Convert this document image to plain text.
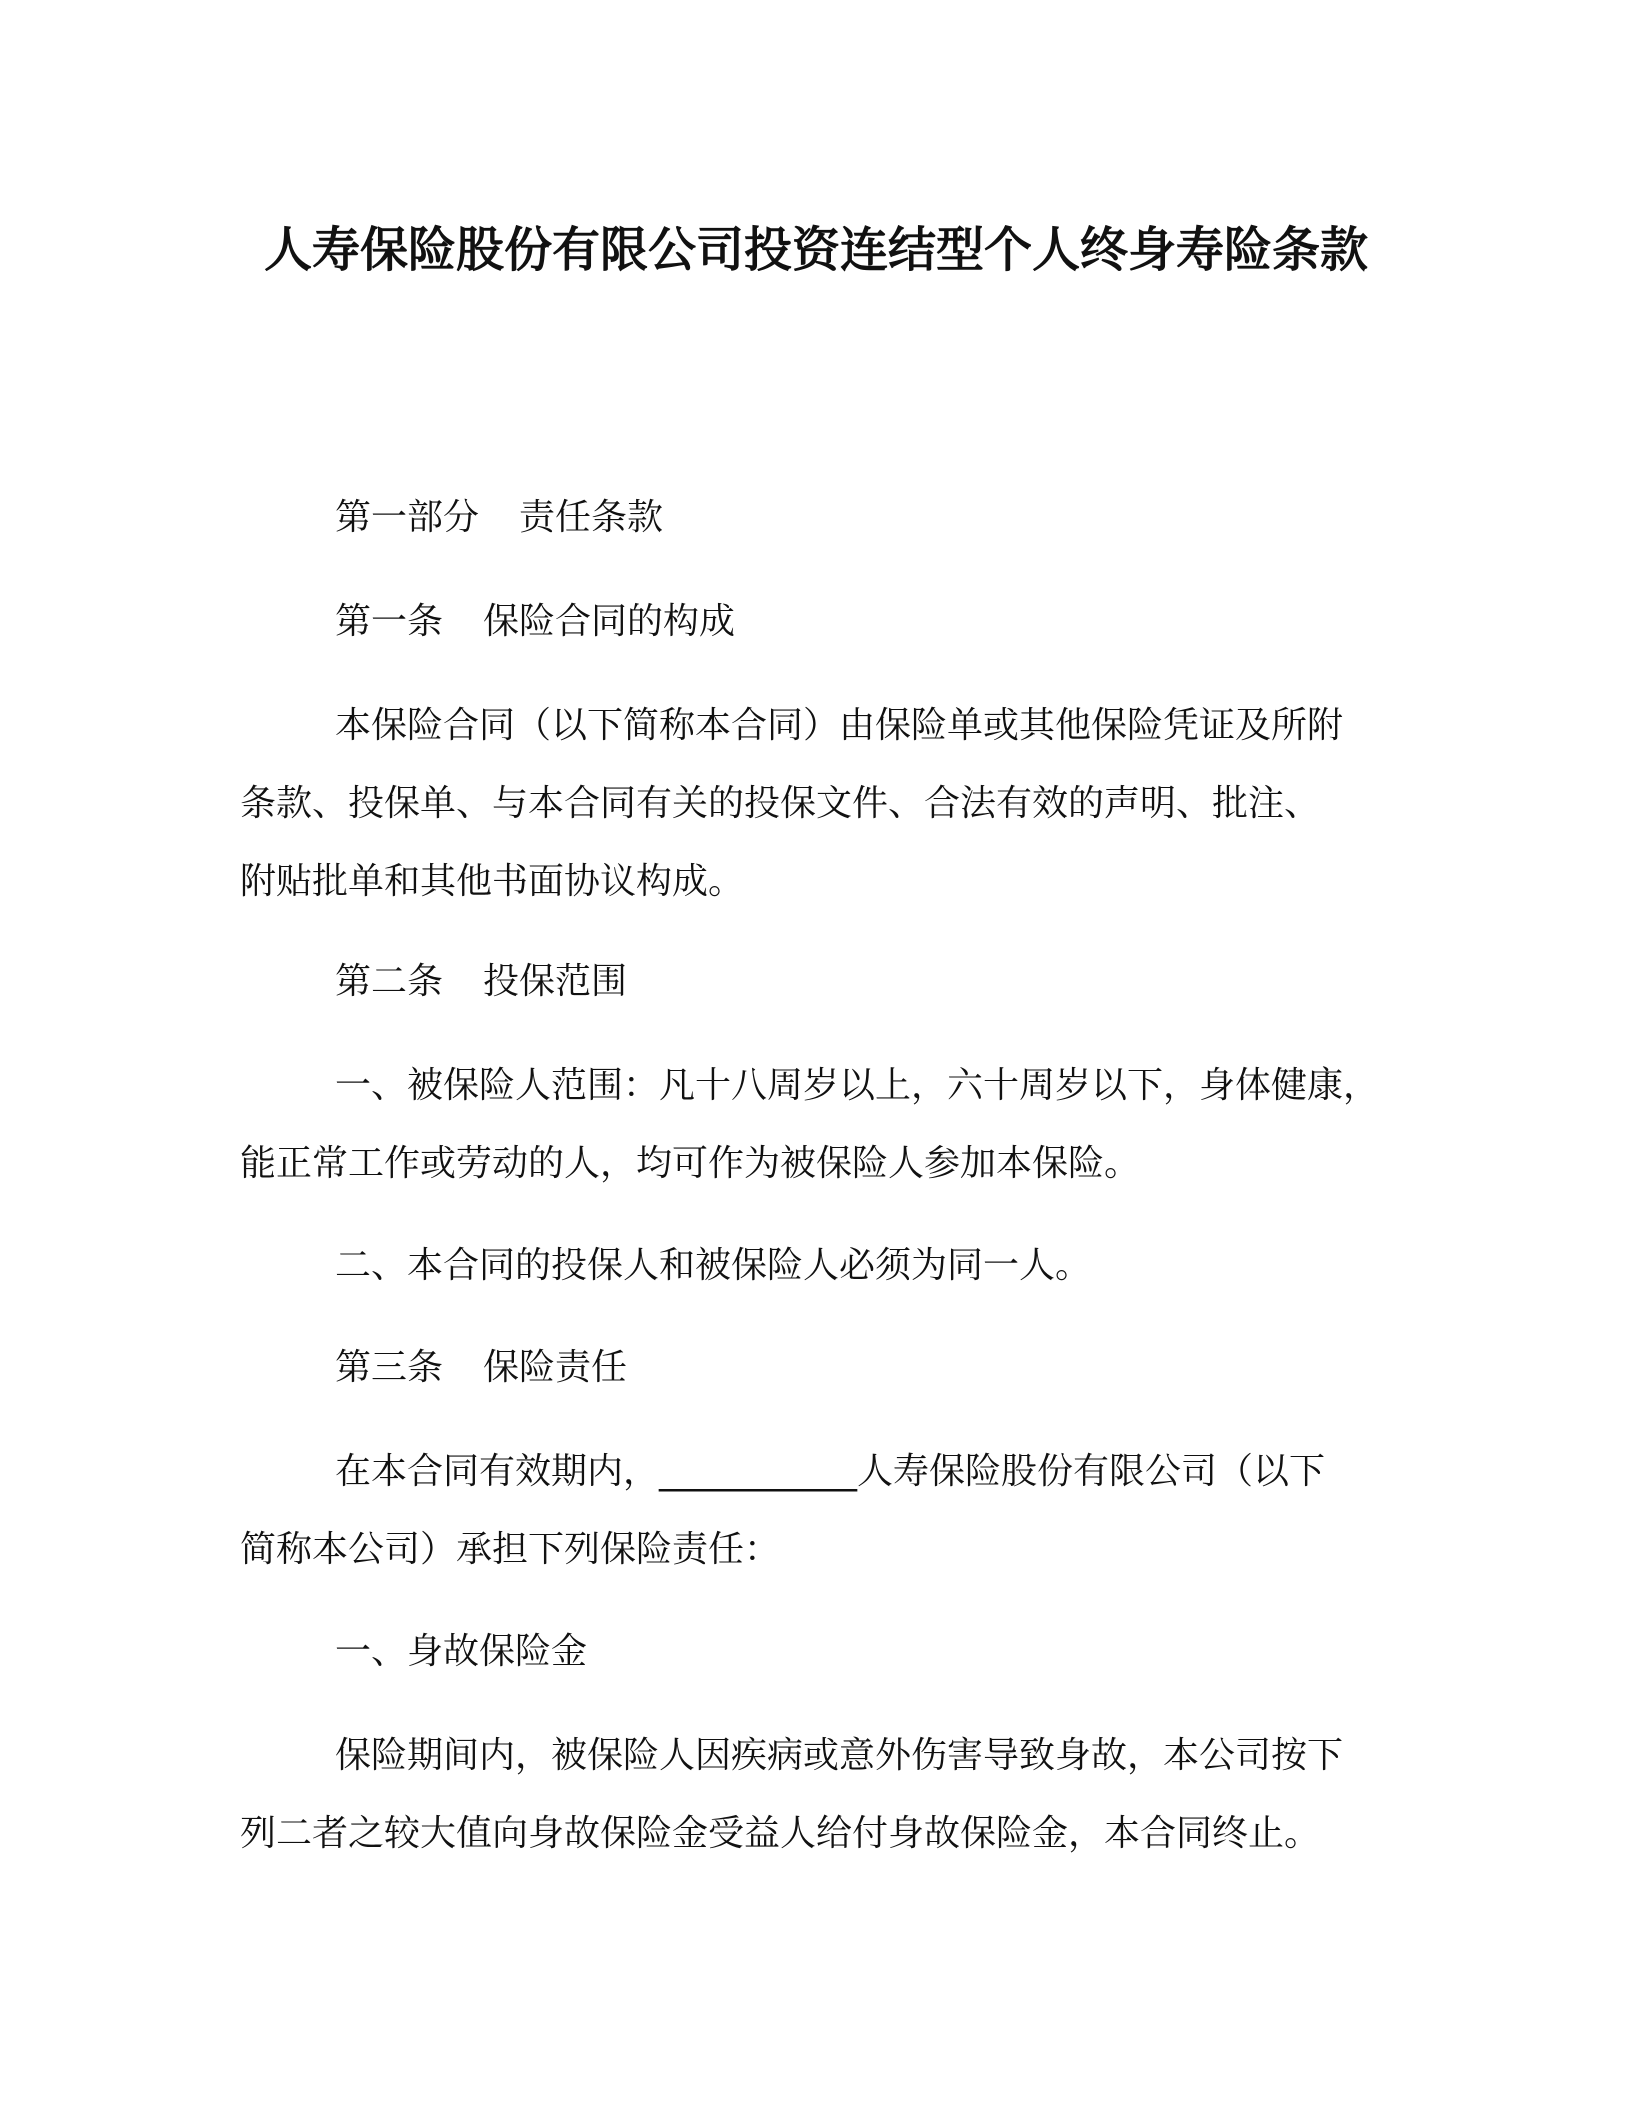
人寿保险股份有限公司投资连结型个人终身寿险条款
第一部分 责任条款
第一条 保险合同的构成
本保险合同（以下简称本合同）由保险单或其他保险凭证及所附
条款、投保单、与本合同有关的投保文件、合法有效的声明、批注、
附贴批单和其他书面协议构成。
第二条 投保范围
一、被保险人范围：凡十八周岁以上，六十周岁以下，身体健康，
能正常工作或劳动的人，均可作为被保险人参加本保险。
二、本合同的投保人和被保险人必须为同一人。
第三条 保险责任
在本合同有效期内，___________人寿保险股份有限公司（以下
简称本公司）承担下列保险责任：
一、身故保险金
保险期间内，被保险人因疾病或意外伤害导致身故，本公司按下
列二者之较大值向身故保险金受益人给付身故保险金，本合同终止。
